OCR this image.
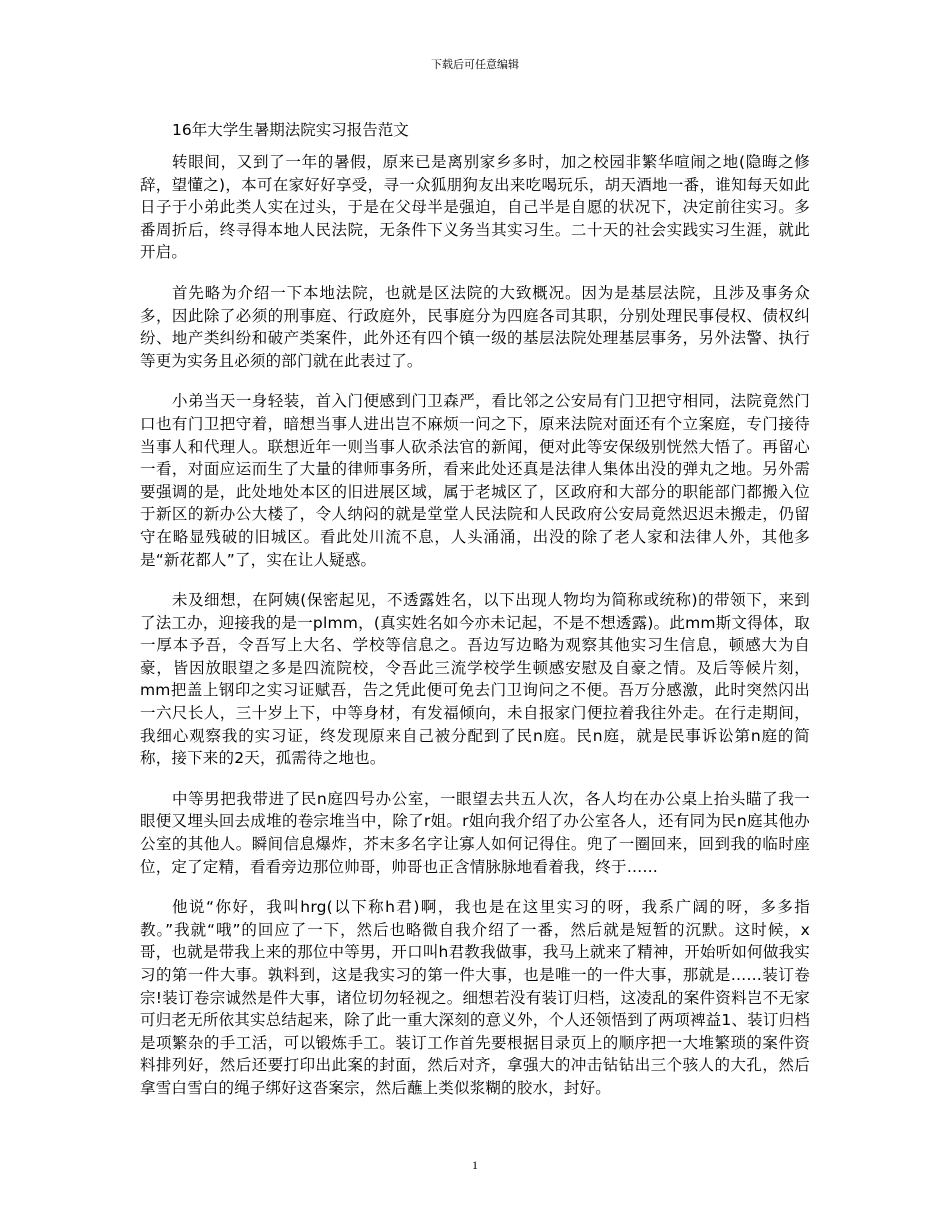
下载后可任意编辑
16年大学生暑期法院实习报告范文

转眼间，又到了一年的暑假，原来已是离别家乡多时，加之校园非繁华喧闹之地(隐晦之修辞，望懂之)，本可在家好好享受，寻一众狐朋狗友出来吃喝玩乐，胡天酒地一番，谁知每天如此日子于小弟此类人实在过头，于是在父母半是强迫，自己半是自愿的状况下，决定前往实习。多番周折后，终寻得本地人民法院，无条件下义务当其实习生。二十天的社会实践实习生涯，就此开启。

首先略为介绍一下本地法院，也就是区法院的大致概况。因为是基层法院，且涉及事务众多，因此除了必须的刑事庭、行政庭外，民事庭分为四庭各司其职，分别处理民事侵权、债权纠纷、地产类纠纷和破产类案件，此外还有四个镇一级的基层法院处理基层事务，另外法警、执行等更为实务且必须的部门就在此表过了。

小弟当天一身轻装，首入门便感到门卫森严，看比邻之公安局有门卫把守相同，法院竟然门口也有门卫把守着，暗想当事人进出岂不麻烦一问之下，原来法院对面还有个立案庭，专门接待当事人和代理人。联想近年一则当事人砍杀法官的新闻，便对此等安保级别恍然大悟了。再留心一看，对面应运而生了大量的律师事务所，看来此处还真是法律人集体出没的弹丸之地。另外需要强调的是，此处地处本区的旧进展区域，属于老城区了，区政府和大部分的职能部门都搬入位于新区的新办公大楼了，令人纳闷的就是堂堂人民法院和人民政府公安局竟然迟迟未搬走，仍留守在略显残破的旧城区。看此处川流不息，人头涌涌，出没的除了老人家和法律人外，其他多是“新花都人”了，实在让人疑惑。

未及细想，在阿姨(保密起见，不透露姓名，以下出现人物均为简称或统称)的带领下，来到了法工办，迎接我的是一plmm，(真实姓名如今亦未记起，不是不想透露)。此mm斯文得体，取一厚本予吾，令吾写上大名、学校等信息之。吾边写边略为观察其他实习生信息，顿感大为自豪，皆因放眼望之多是四流院校，令吾此三流学校学生顿感安慰及自豪之情。及后等候片刻，mm把盖上钢印之实习证赋吾，告之凭此便可免去门卫询问之不便。吾万分感激，此时突然闪出一六尺长人，三十岁上下，中等身材，有发福倾向，未自报家门便拉着我往外走。在行走期间，我细心观察我的实习证，终发现原来自己被分配到了民n庭。民n庭，就是民事诉讼第n庭的简称，接下来的2天，孤需待之地也。

中等男把我带进了民n庭四号办公室，一眼望去共五人次，各人均在办公桌上抬头瞄了我一眼便又埋头回去成堆的卷宗堆当中，除了r姐。r姐向我介绍了办公室各人，还有同为民n庭其他办公室的其他人。瞬间信息爆炸，芥末多名字让寡人如何记得住。兜了一圈回来，回到我的临时座位，定了定精，看看旁边那位帅哥，帅哥也正含情脉脉地看着我，终于……

他说“你好，我叫hrg(以下称h君)啊，我也是在这里实习的呀，我系广阔的呀，多多指教。”我就“哦”的回应了一下，然后也略微自我介绍了一番，然后就是短暂的沉默。这时候，x哥，也就是带我上来的那位中等男，开口叫h君教我做事，我马上就来了精神，开始听如何做我实习的第一件大事。孰料到，这是我实习的第一件大事，也是唯一的一件大事，那就是……装订卷宗!装订卷宗诚然是件大事，诸位切勿轻视之。细想若没有装订归档，这凌乱的案件资料岂不无家可归老无所依其实总结起来，除了此一重大深刻的意义外，个人还领悟到了两项裨益1、装订归档是项繁杂的手工活，可以锻炼手工。装订工作首先要根据目录页上的顺序把一大堆繁琐的案件资料排列好，然后还要打印出此案的封面，然后对齐，拿强大的冲击钻钻出三个骇人的大孔，然后拿雪白雪白的绳子绑好这沓案宗，然后蘸上类似浆糊的胶水，封好。

1
